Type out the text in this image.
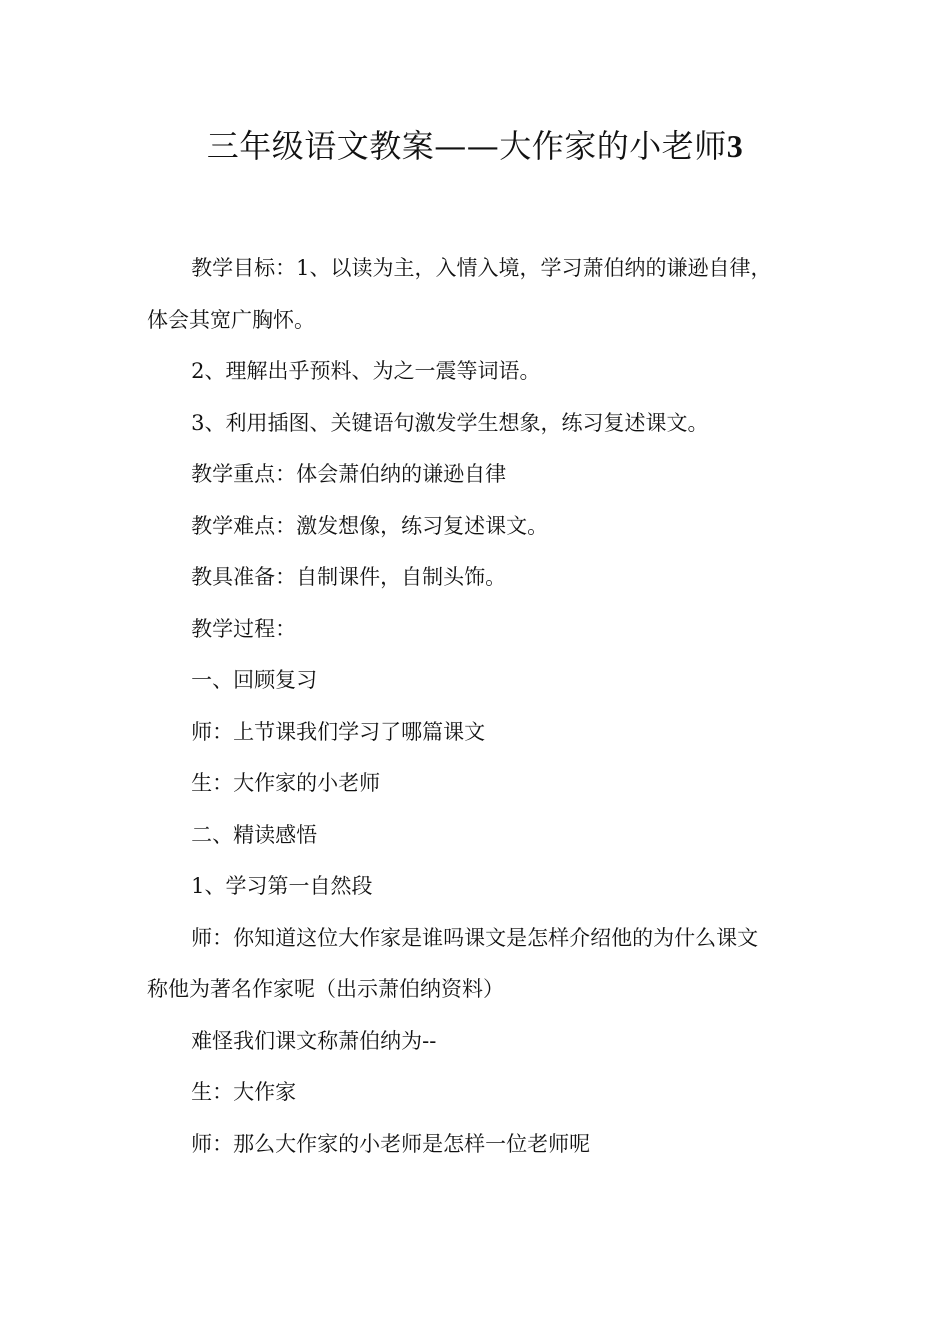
三年级语文教案——大作家的小老师3

教学目标：1、以读为主，入情入境，学习萧伯纳的谦逊自律，
体会其宽广胸怀。

2、理解出乎预料、为之一震等词语。

3、利用插图、关键语句激发学生想象，练习复述课文。

教学重点：体会萧伯纳的谦逊自律

教学难点：激发想像，练习复述课文。

教具准备：自制课件，自制头饰。

教学过程：

一、回顾复习

师：上节课我们学习了哪篇课文

生：大作家的小老师

二、精读感悟

1、学习第一自然段

师：你知道这位大作家是谁吗课文是怎样介绍他的为什么课文
称他为著名作家呢（出示萧伯纳资料）

难怪我们课文称萧伯纳为--

生：大作家

师：那么大作家的小老师是怎样一位老师呢
